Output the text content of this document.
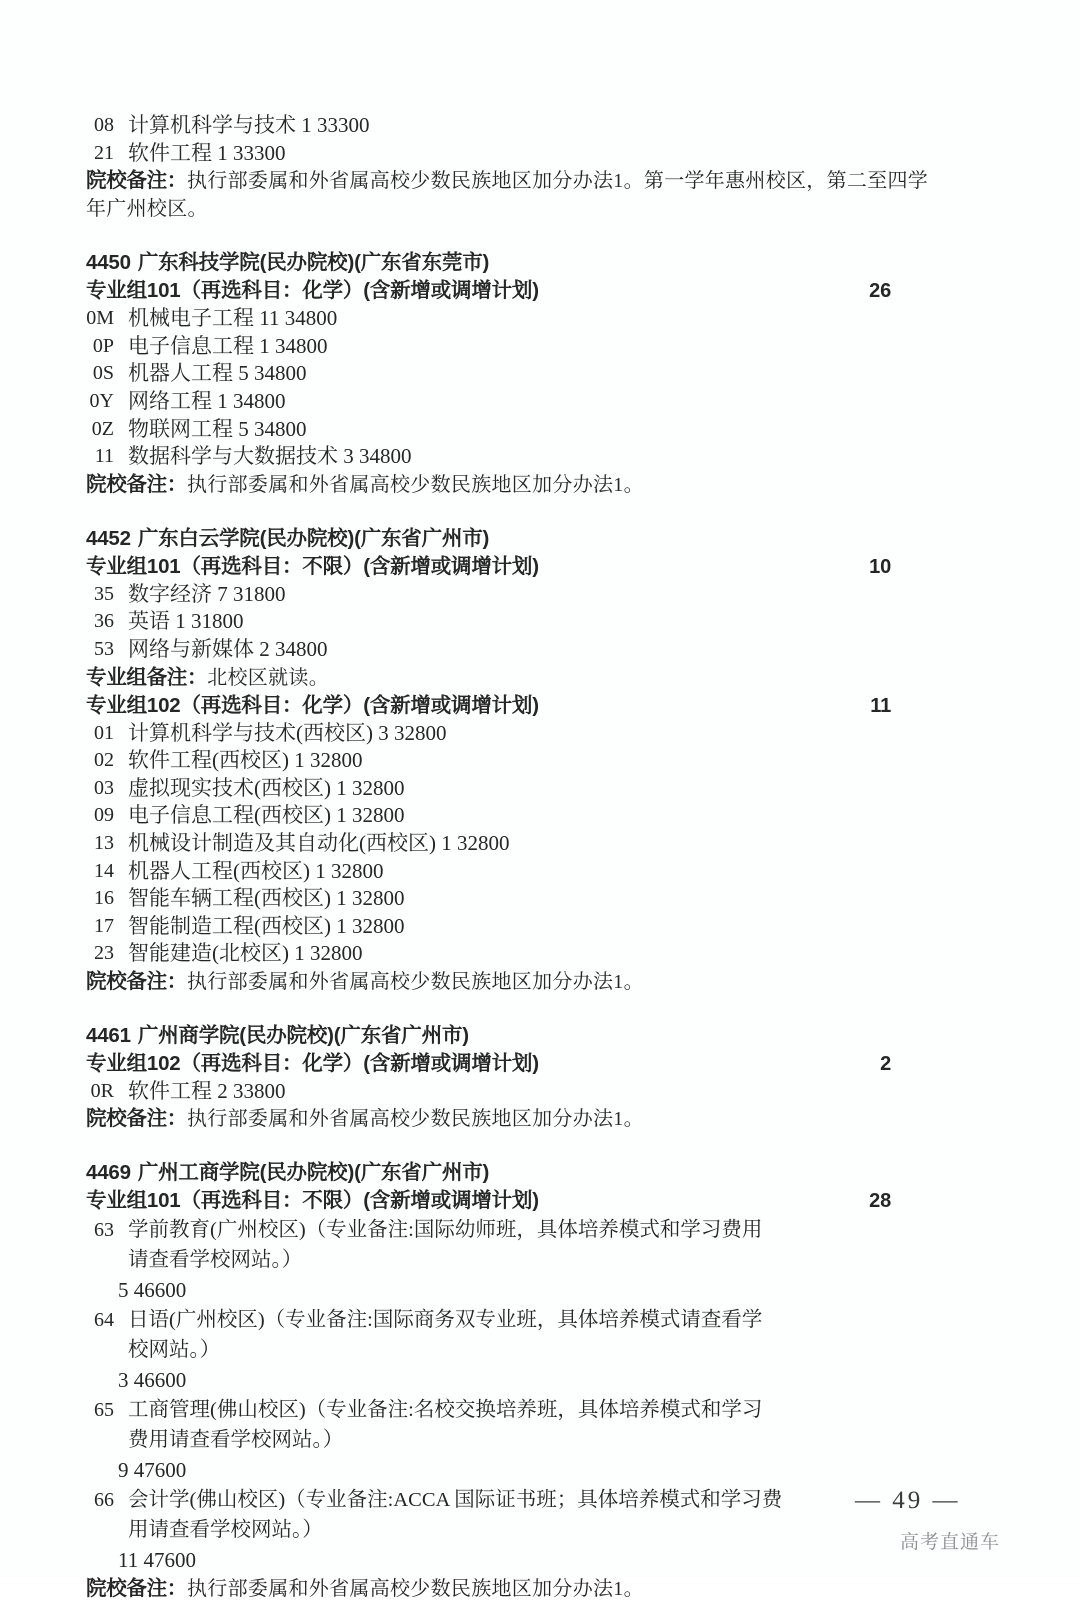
08 计算机科学与技术 1 33300
21 软件工程 1 33300
院校备注：执行部委属和外省属高校少数民族地区加分办法1。第一学年惠州校区，第二至四学
年广州校区。
4450 广东科技学院(民办院校)(广东省东莞市)
专业组101（再选科目：化学）(含新增或调增计划)	26
0M 机械电子工程 11 34800
0P 电子信息工程 1 34800
0S 机器人工程 5 34800
0Y 网络工程 1 34800
0Z 物联网工程 5 34800
11 数据科学与大数据技术 3 34800
院校备注：执行部委属和外省属高校少数民族地区加分办法1。
4452 广东白云学院(民办院校)(广东省广州市)
专业组101（再选科目：不限）(含新增或调增计划)	10
35 数字经济 7 31800
36 英语 1 31800
53 网络与新媒体 2 34800
专业组备注：北校区就读。
专业组102（再选科目：化学）(含新增或调增计划)	11
01 计算机科学与技术(西校区) 3 32800
02 软件工程(西校区) 1 32800
03 虚拟现实技术(西校区) 1 32800
09 电子信息工程(西校区) 1 32800
13 机械设计制造及其自动化(西校区) 1 32800
14 机器人工程(西校区) 1 32800
16 智能车辆工程(西校区) 1 32800
17 智能制造工程(西校区) 1 32800
23 智能建造(北校区) 1 32800
院校备注：执行部委属和外省属高校少数民族地区加分办法1。
4461 广州商学院(民办院校)(广东省广州市)
专业组102（再选科目：化学）(含新增或调增计划)	2
0R 软件工程 2 33800
院校备注：执行部委属和外省属高校少数民族地区加分办法1。
4469 广州工商学院(民办院校)(广东省广州市)
专业组101（再选科目：不限）(含新增或调增计划)	28
63 学前教育(广州校区)（专业备注:国际幼师班，具体培养模式和学习费用
请查看学校网站。）
5 46600
64 日语(广州校区)（专业备注:国际商务双专业班，具体培养模式请查看学
校网站。）
3 46600
65 工商管理(佛山校区)（专业备注:名校交换培养班，具体培养模式和学习
费用请查看学校网站。）
9 47600
66 会计学(佛山校区)（专业备注:ACCA 国际证书班；具体培养模式和学习费
用请查看学校网站。）
11 47600
院校备注：执行部委属和外省属高校少数民族地区加分办法1。
— 49 —
高考直通车
